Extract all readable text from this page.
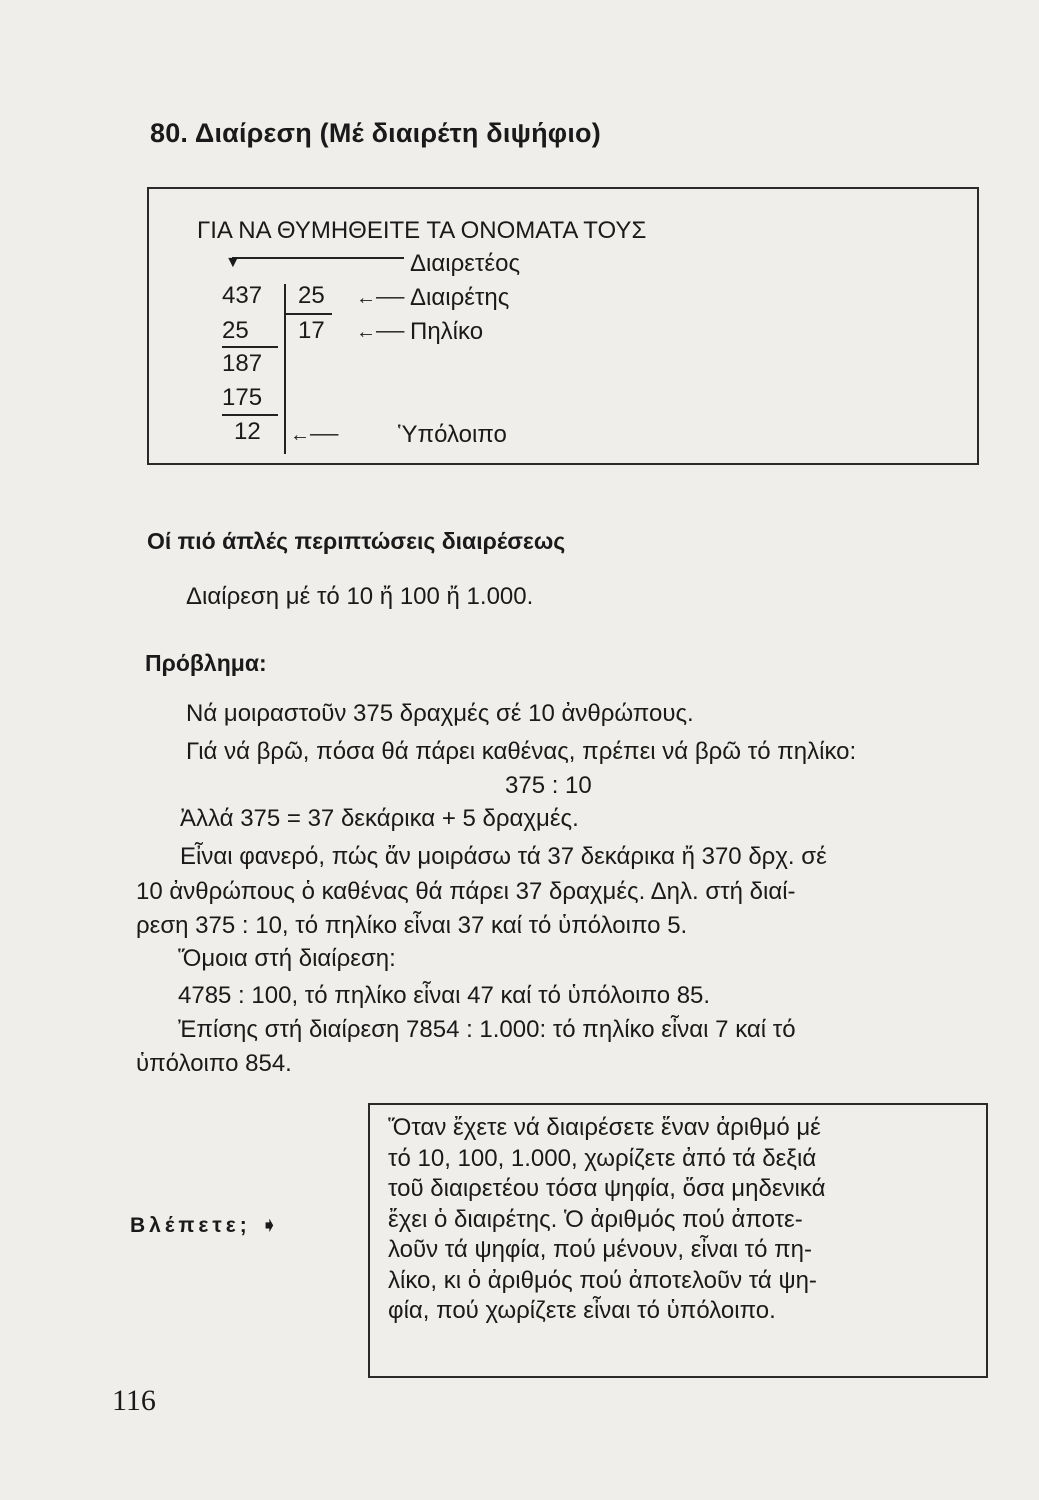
80. Διαίρεση (Μέ διαιρέτη διψήφιο)
ΓΙΑ ΝΑ ΘΥΜΗΘΕΙΤΕ ΤΑ ΟΝΟΜΑΤΑ ΤΟΥΣ
▼
437 25
17
25
187
175
12
Διαιρετέος
←── Διαιρέτης
←── Πηλίκο
←── Ὑπόλοιπο
Οί πιό άπλές περιπτώσεις διαιρέσεως
Διαίρεση μέ τό 10 ἤ 100 ἤ 1.000.
Πρόβλημα:
Νά μοιραστοῦν 375 δραχμές σέ 10 ἀνθρώπους.
Γιά νά βρῶ, πόσα θά πάρει καθένας, πρέπει νά βρῶ τό πηλίκο:
375 : 10
Ἀλλά 375 = 37 δεκάρικα + 5 δραχμές.
Εἶναι φανερό, πώς ἄν μοιράσω τά 37 δεκάρικα ἤ 370 δρχ. σέ
10 ἀνθρώπους ὁ καθένας θά πάρει 37 δραχμές. Δηλ. στή διαί-
ρεση 375 : 10, τό πηλίκο εἶναι 37 καί τό ὑπόλοιπο 5.
Ὅμοια στή διαίρεση:
4785 : 100, τό πηλίκο εἶναι 47 καί τό ὑπόλοιπο 85.
Ἐπίσης στή διαίρεση 7854 : 1.000: τό πηλίκο εἶναι 7 καί τό
ὑπόλοιπο 854.
Βλέπετε; ➧
Ὅταν ἔχετε νά διαιρέσετε ἕναν ἀριθμό μέ
τό 10, 100, 1.000, χωρίζετε ἀπό τά δεξιά
τοῦ διαιρετέου τόσα ψηφία, ὅσα μηδενικά
ἔχει ὁ διαιρέτης. Ὁ ἀριθμός πού ἀποτε-
λοῦν τά ψηφία, πού μένουν, εἶναι τό πη-
λίκο, κι ὁ ἀριθμός πού ἀποτελοῦν τά ψη-
φία, πού χωρίζετε εἶναι τό ὑπόλοιπο.
116
